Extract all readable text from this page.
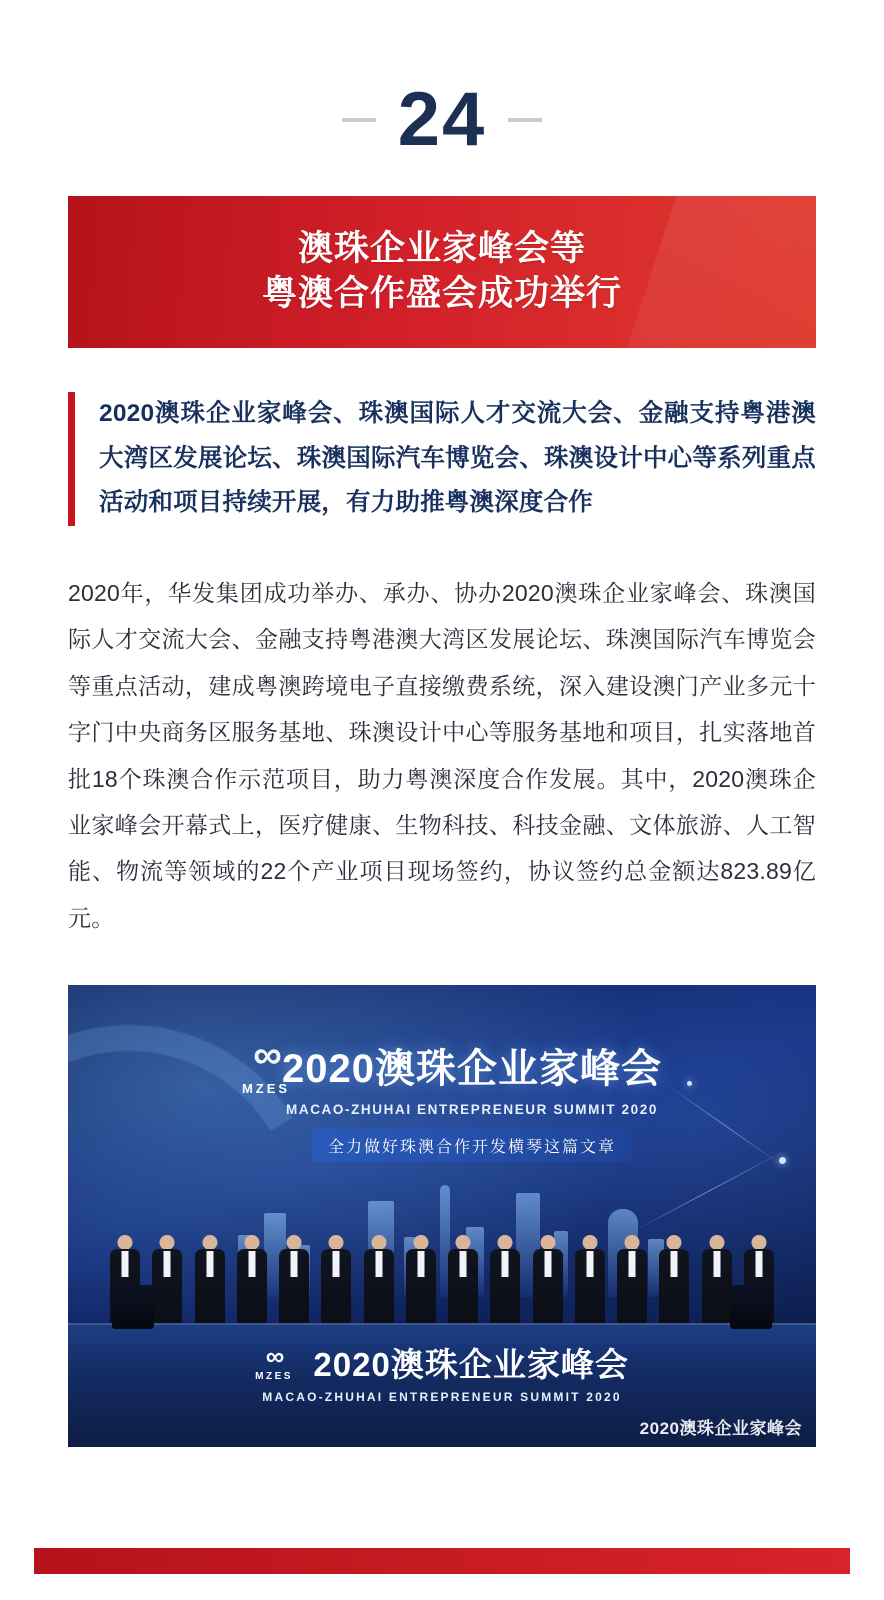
24
澳珠企业家峰会等
粤澳合作盛会成功举行
2020澳珠企业家峰会、珠澳国际人才交流大会、金融支持粤港澳大湾区发展论坛、珠澳国际汽车博览会、珠澳设计中心等系列重点活动和项目持续开展，有力助推粤澳深度合作
2020年，华发集团成功举办、承办、协办2020澳珠企业家峰会、珠澳国际人才交流大会、金融支持粤港澳大湾区发展论坛、珠澳国际汽车博览会等重点活动，建成粤澳跨境电子直接缴费系统，深入建设澳门产业多元十字门中央商务区服务基地、珠澳设计中心等服务基地和项目，扎实落地首批18个珠澳合作示范项目，助力粤澳深度合作发展。其中，2020澳珠企业家峰会开幕式上，医疗健康、生物科技、科技金融、文体旅游、人工智能、物流等领域的22个产业项目现场签约，协议签约总金额达823.89亿元。
∞
MZES
2020澳珠企业家峰会
MACAO-ZHUHAI ENTREPRENEUR SUMMIT 2020
全力做好珠澳合作开发横琴这篇文章
∞
MZES 2020澳珠企业家峰会
MACAO-ZHUHAI ENTREPRENEUR SUMMIT 2020
2020澳珠企业家峰会
